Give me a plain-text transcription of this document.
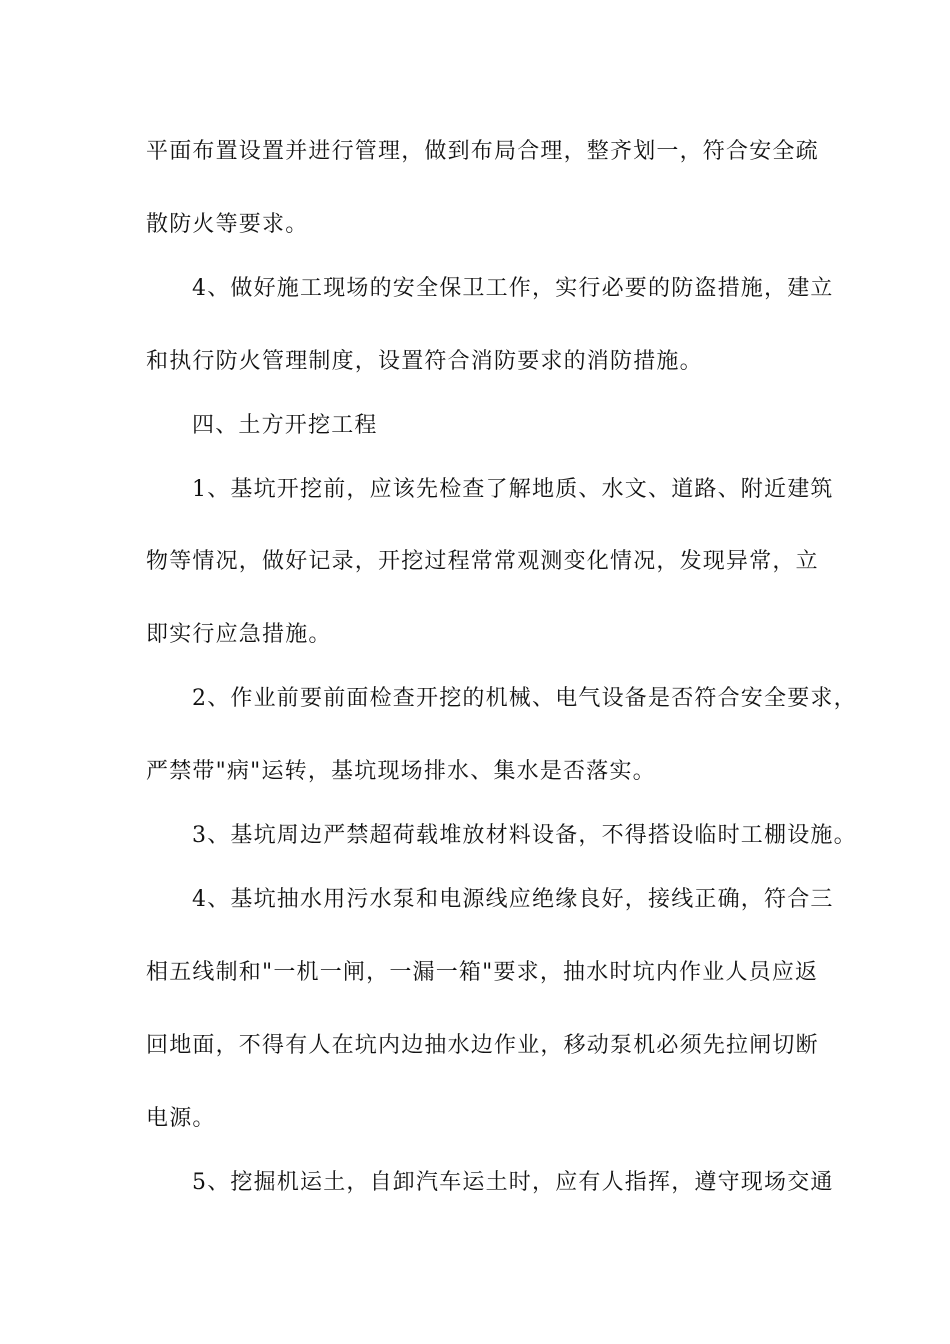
平面布置设置并进行管理，做到布局合理，整齐划一，符合安全疏

散防火等要求。

4、做好施工现场的安全保卫工作，实行必要的防盗措施，建立

和执行防火管理制度，设置符合消防要求的消防措施。

四、土方开挖工程

1、基坑开挖前，应该先检查了解地质、水文、道路、附近建筑

物等情况，做好记录，开挖过程常常观测变化情况，发现异常，立

即实行应急措施。

2、作业前要前面检查开挖的机械、电气设备是否符合安全要求，

严禁带"病"运转，基坑现场排水、集水是否落实。

3、基坑周边严禁超荷载堆放材料设备，不得搭设临时工棚设施。

4、基坑抽水用污水泵和电源线应绝缘良好，接线正确，符合三

相五线制和"一机一闸，一漏一箱"要求，抽水时坑内作业人员应返

回地面，不得有人在坑内边抽水边作业，移动泵机必须先拉闸切断

电源。

5、挖掘机运土，自卸汽车运土时，应有人指挥，遵守现场交通
